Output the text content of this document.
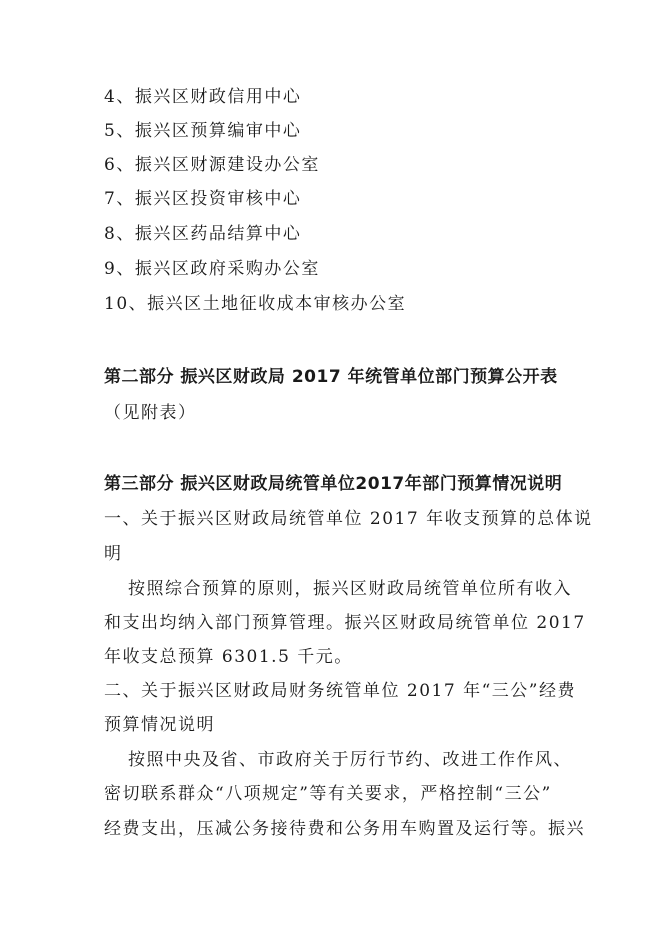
4、振兴区财政信用中心
5、振兴区预算编审中心
6、振兴区财源建设办公室
7、振兴区投资审核中心
8、振兴区药品结算中心
9、振兴区政府采购办公室
10、振兴区土地征收成本审核办公室
第二部分 振兴区财政局 2017 年统管单位部门预算公开表
（见附表）
第三部分 振兴区财政局统管单位2017年部门预算情况说明
一、关于振兴区财政局统管单位 2017 年收支预算的总体说
明
按照综合预算的原则，振兴区财政局统管单位所有收入
和支出均纳入部门预算管理。振兴区财政局统管单位 2017
年收支总预算 6301.5 千元。
二、关于振兴区财政局财务统管单位 2017 年“三公”经费
预算情况说明
按照中央及省、市政府关于厉行节约、改进工作作风、
密切联系群众“八项规定”等有关要求，严格控制“三公”
经费支出，压减公务接待费和公务用车购置及运行等。振兴
